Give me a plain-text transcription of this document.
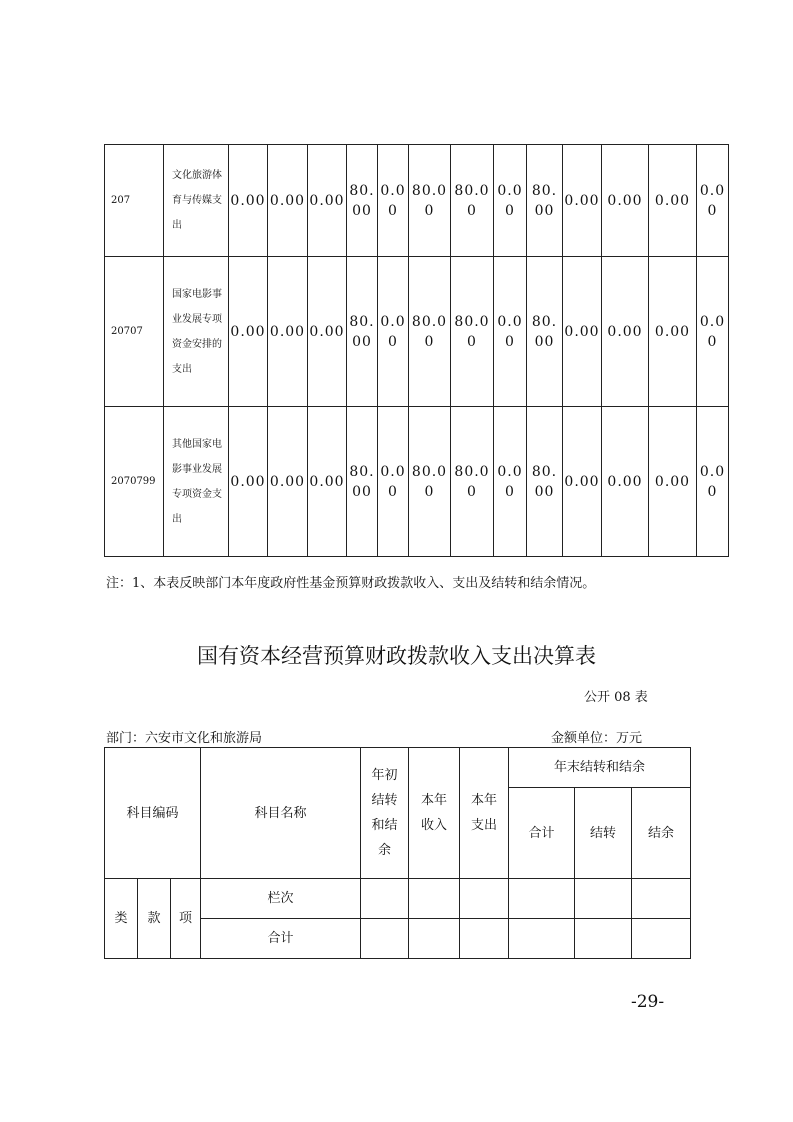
207	文化旅游体育与传媒支出	0.00	0.00	0.00	80.00	0.00	80.00	80.00	0.00	80.00	0.00	0.00	0.00	0.00

20707	国家电影事业发展专项资金安排的支出	0.00	0.00	0.00	80.00	0.00	80.00	80.00	0.00	80.00	0.00	0.00	0.00	0.00

2070799	其他国家电影事业发展专项资金支出	0.00	0.00	0.00	80.00	0.00	80.00	80.00	0.00	80.00	0.00	0.00	0.00	0.00
注：1、本表反映部门本年度政府性基金预算财政拨款收入、支出及结转和结余情况。
国有资本经营预算财政拨款收入支出决算表
公开 08 表
部门：六安市文化和旅游局	金额单位：万元
科目编码			科目名称	年初结转和结余	本年收入	本年支出	年末结转和结余		
							合计	结转	结余

类	款	项	栏次						
			合计						
-29-
